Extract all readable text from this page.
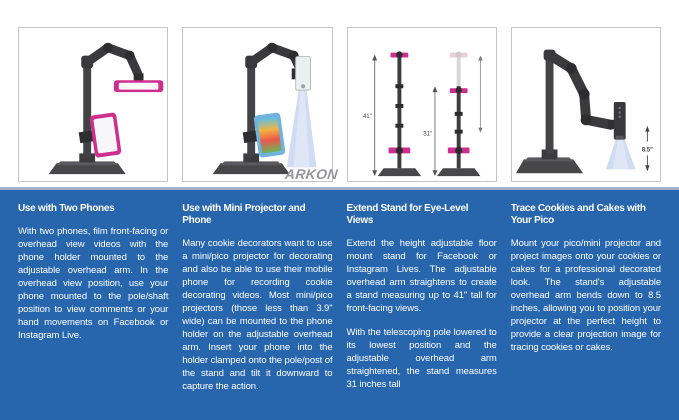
ARKON
41"
31"
8.5"
Use with Two Phones

With two phones, film front-facing or overhead view videos with the phone holder mounted to the adjustable overhead arm. In the overhead view position, use your phone mounted to the pole/shaft position to view comments or your hand movements on Facebook or Instagram Live.

Use with Mini Projector and Phone

Many cookie decorators want to use a mini/pico projector for decorating and also be able to use their mobile phone for recording cookie decorating videos. Most mini/pico projectors (those less than 3.9" wide) can be mounted to the phone holder on the adjustable overhead arm. Insert your phone into the holder clamped onto the pole/post of the stand and tilt it downward to capture the action.

Extend Stand for Eye-Level Views

Extend the height adjustable floor mount stand for Facebook or Instagram Lives. The adjustable overhead arm straightens to create a stand measuring up to 41" tall for front-facing views.

With the telescoping pole lowered to its lowest position and the adjustable overhead arm straightened, the stand measures 31 inches tall

Trace Cookies and Cakes with Your Pico

Mount your pico/mini projector and project images onto your cookies or cakes for a professional decorated look. The stand's adjustable overhead arm bends down to 8.5 inches, allowing you to position your projector at the perfect height to provide a clear projection image for tracing cookies or cakes.
